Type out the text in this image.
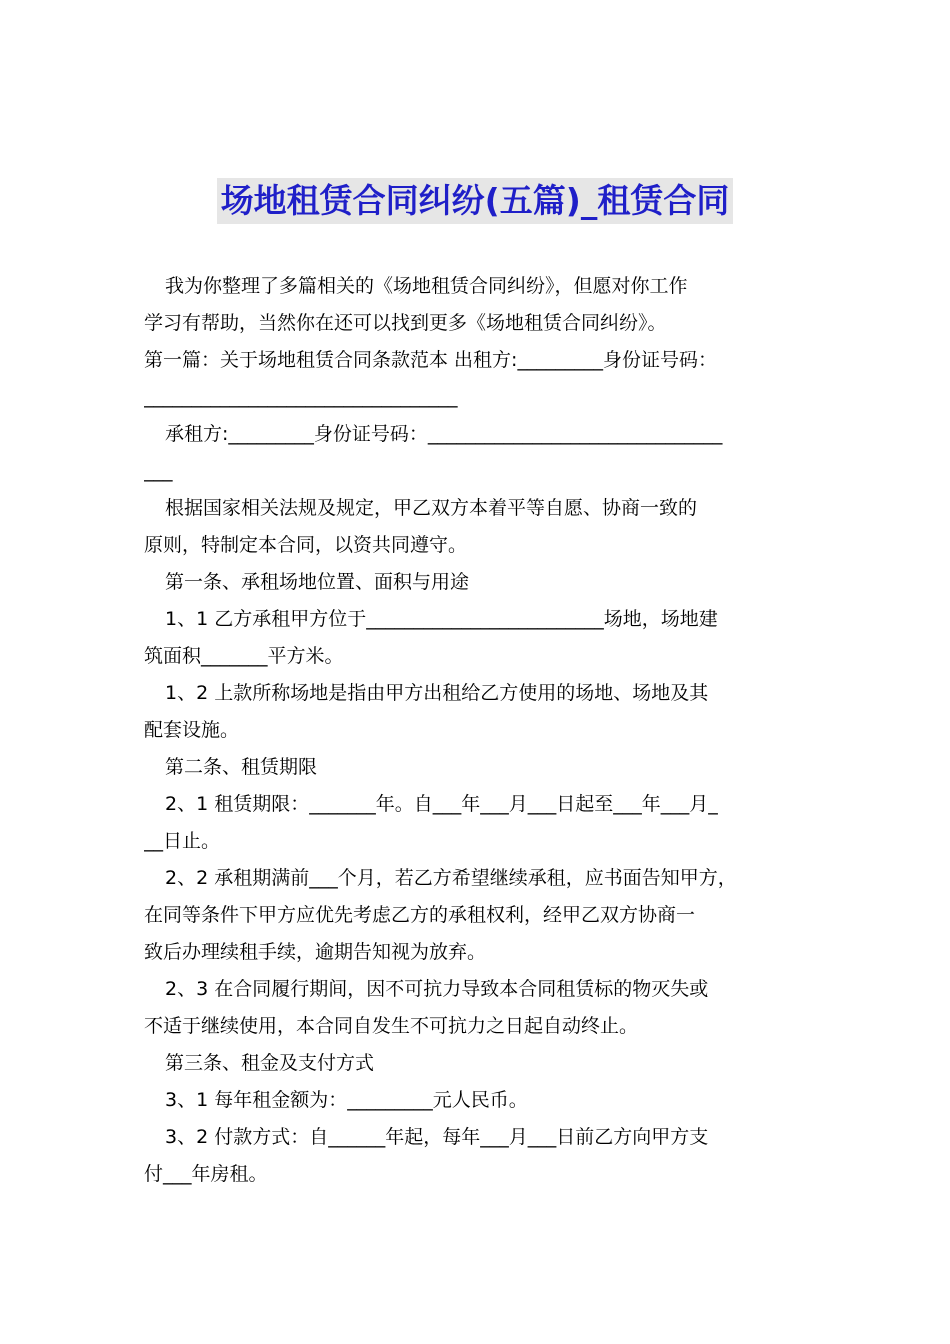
场地租赁合同纠纷(五篇)_租赁合同
我为你整理了多篇相关的《场地租赁合同纠纷》，但愿对你工作
学习有帮助，当然你在还可以找到更多《场地租赁合同纠纷》。
第一篇：关于场地租赁合同条款范本 出租方:_________身份证号码：
_________________________________
承租方:_________身份证号码：_______________________________
___
根据国家相关法规及规定，甲乙双方本着平等自愿、协商一致的
原则，特制定本合同，以资共同遵守。
第一条、承租场地位置、面积与用途
1、1 乙方承租甲方位于_________________________场地，场地建
筑面积_______平方米。
1、2 上款所称场地是指由甲方出租给乙方使用的场地、场地及其
配套设施。
第二条、租赁期限
2、1 租赁期限：_______年。自___年___月___日起至___年___月_
__日止。
2、2 承租期满前___个月，若乙方希望继续承租，应书面告知甲方，
在同等条件下甲方应优先考虑乙方的承租权利，经甲乙双方协商一
致后办理续租手续，逾期告知视为放弃。
2、3 在合同履行期间，因不可抗力导致本合同租赁标的物灭失或
不适于继续使用，本合同自发生不可抗力之日起自动终止。
第三条、租金及支付方式
3、1 每年租金额为：_________元人民币。
3、2 付款方式：自______年起，每年___月___日前乙方向甲方支
付___年房租。
